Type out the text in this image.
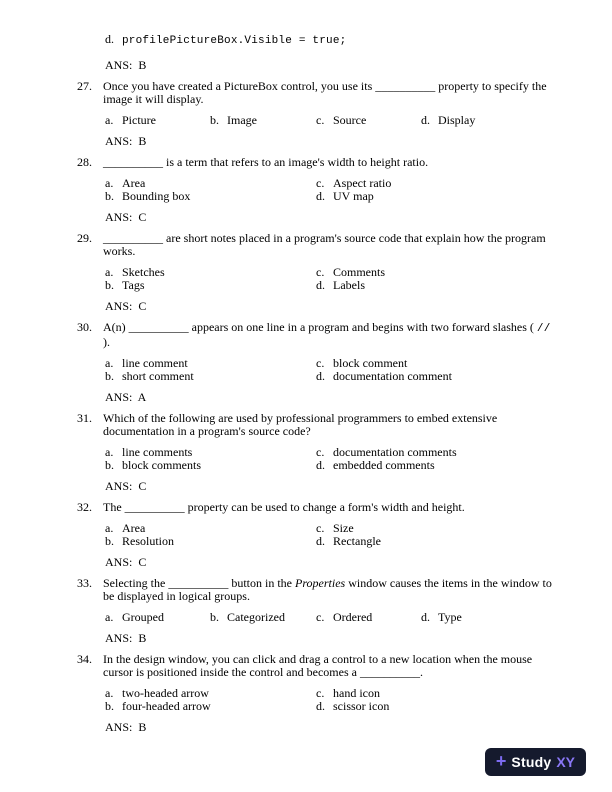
d. profilePictureBox.Visible = true;
ANS:  B
27. Once you have created a PictureBox control, you use its __________ property to specify the image it will display.
a. Picture	b. Image	c. Source	d. Display
ANS:  B
28. __________ is a term that refers to an image's width to height ratio.
a. Area
b. Bounding box
c. Aspect ratio
d. UV map
ANS:  C
29. __________ are short notes placed in a program's source code that explain how the program works.
a. Sketches
b. Tags
c. Comments
d. Labels
ANS:  C
30. A(n) __________ appears on one line in a program and begins with two forward slashes ( // ).
a. line comment
b. short comment
c. block comment
d. documentation comment
ANS:  A
31. Which of the following are used by professional programmers to embed extensive documentation in a program's source code?
a. line comments
b. block comments
c. documentation comments
d. embedded comments
ANS:  C
32. The __________ property can be used to change a form's width and height.
a. Area
b. Resolution
c. Size
d. Rectangle
ANS:  C
33. Selecting the __________ button in the Properties window causes the items in the window to be displayed in logical groups.
a. Grouped	b. Categorized	c. Ordered	d. Type
ANS:  B
34. In the design window, you can click and drag a control to a new location when the mouse cursor is positioned inside the control and becomes a __________.
a. two-headed arrow
b. four-headed arrow
c. hand icon
d. scissor icon
ANS:  B
+ Study XY
